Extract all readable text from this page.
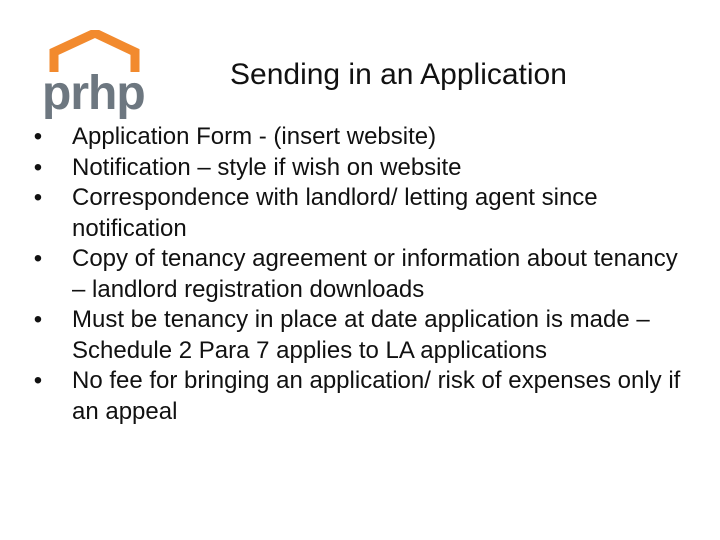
prhp	Sending in an Application
• Application Form - (insert website)
• Notification – style if wish on website
• Correspondence with landlord/ letting agent since notification
• Copy of tenancy agreement or information about tenancy – landlord registration downloads
• Must be tenancy in place at date application is made – Schedule 2 Para 7 applies to LA applications
• No fee for bringing an application/ risk of expenses only if an appeal
